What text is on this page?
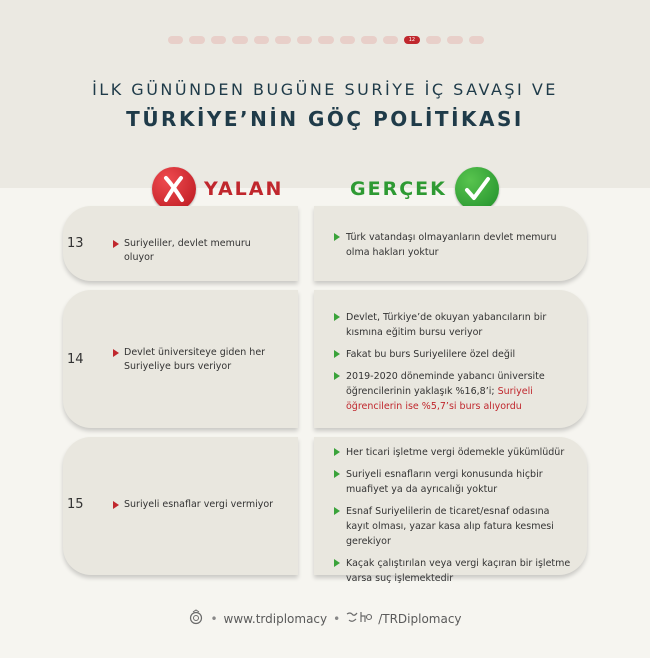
12
İLK GÜNÜNDEN BUGÜNE SURİYE İÇ SAVAŞI VE
TÜRKİYE’NİN GÖÇ POLİTİKASI
YALAN	GERÇEK
13	Suriyeliler, devlet memuru oluyor
Türk vatandaşı olmayanların devlet memuru olma hakları yoktur
14	Devlet üniversiteye giden her Suriyeliye burs veriyor
Devlet, Türkiye’de okuyan yabancıların bir kısmına eğitim bursu veriyor
Fakat bu burs Suriyelilere özel değil
2019-2020 döneminde yabancı üniversite öğrencilerinin yaklaşık %16,8’i; Suriyeli öğrencilerin ise %5,7’si burs alıyordu
15	Suriyeli esnaflar vergi vermiyor
Her ticari işletme vergi ödemekle yükümlüdür
Suriyeli esnafların vergi konusunda hiçbir muafiyet ya da ayrıcalığı yoktur
Esnaf Suriyelilerin de ticaret/esnaf odasına kayıt olması, yazar kasa alıp fatura kesmesi gerekiyor
Kaçak çalıştırılan veya vergi kaçıran bir işletme varsa suç işlemektedir
• www.trdiplomacy •	/TRDiplomacy
